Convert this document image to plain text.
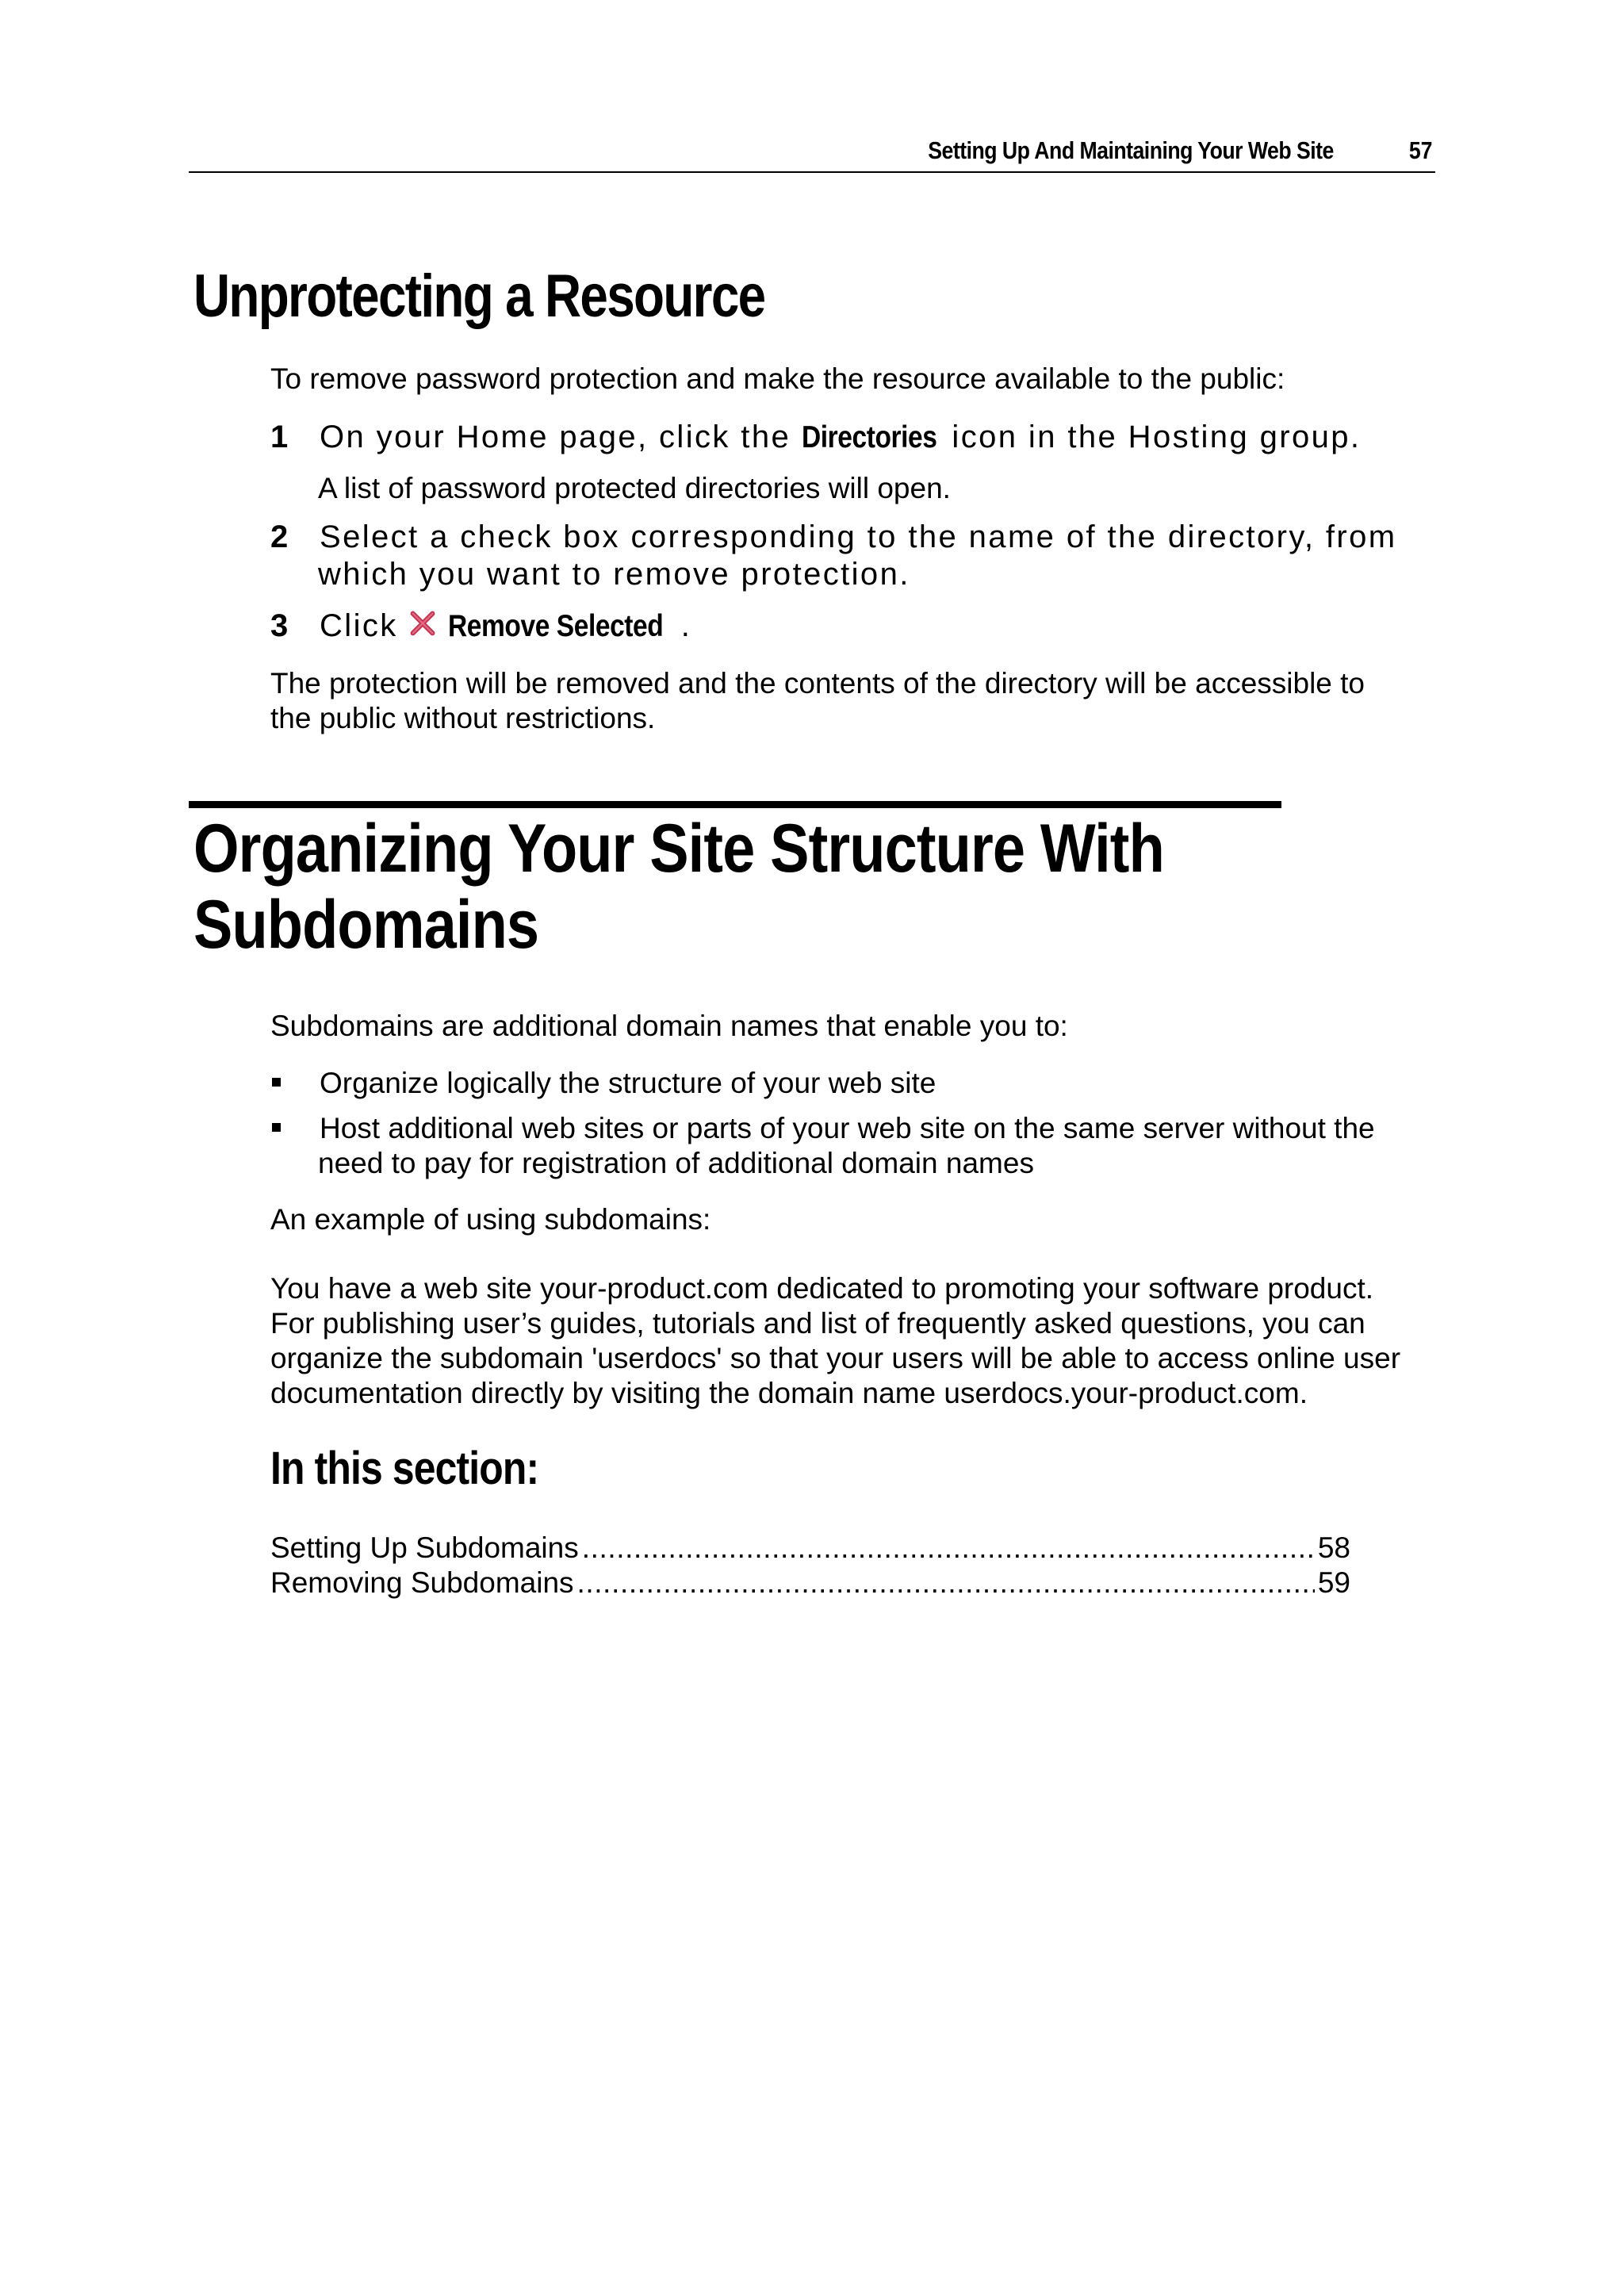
Setting Up And Maintaining Your Web Site	57
Unprotecting a Resource

To remove password protection and make the resource available to the public:

1 On your Home page, click the Directories icon in the Hosting group.

A list of password protected directories will open.

2 Select a check box corresponding to the name of the directory, from
which you want to remove protection.
3 Click Remove Selected .

The protection will be removed and the contents of the directory will be accessible to

the public without restrictions.

Organizing Your Site Structure With
Subdomains

Subdomains are additional domain names that enable you to:

Organize logically the structure of your web site
Host additional web sites or parts of your web site on the same server without the
need to pay for registration of additional domain names

An example of using subdomains:

You have a web site your-product.com dedicated to promoting your software product.

For publishing user’s guides, tutorials and list of frequently asked questions, you can

organize the subdomain 'userdocs' so that your users will be able to access online user

documentation directly by visiting the domain name userdocs.your-product.com.

In this section:
Setting Up Subdomains .....	58
Removing Subdomains .....	59
